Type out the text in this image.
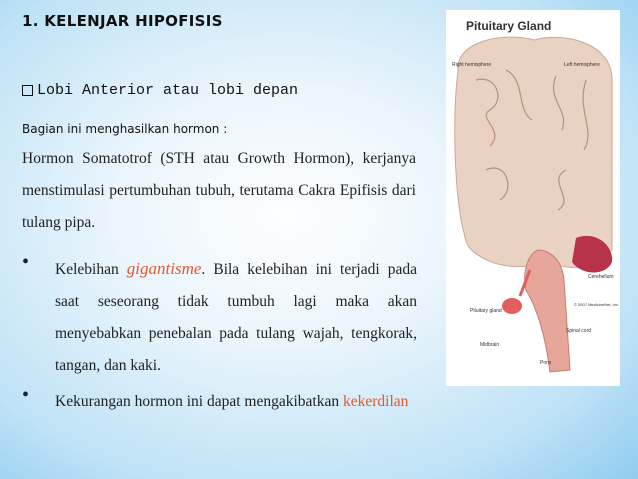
1. KELENJAR HIPOFISIS
Lobi Anterior atau lobi depan
Bagian ini menghasilkan hormon :
Hormon Somatotrof (STH atau Growth Hormon), kerjanya menstimulasi pertumbuhan tubuh, terutama Cakra Epifisis dari tulang pipa.
• Kelebihan gigantisme. Bila kelebihan ini terjadi pada saat seseorang tidak tumbuh lagi maka akan menyebabkan penebalan pada tulang wajah, tengkorak, tangan, dan kaki.
• Kekurangan hormon ini dapat mengakibatkan kekerdilan
Pituitary Gland
Right hemisphere	Left hemisphere
Cerebellum
Pituitary gland
Midbrain
Spinal cord
Pons
© 2007 MedicineNet, Inc.
